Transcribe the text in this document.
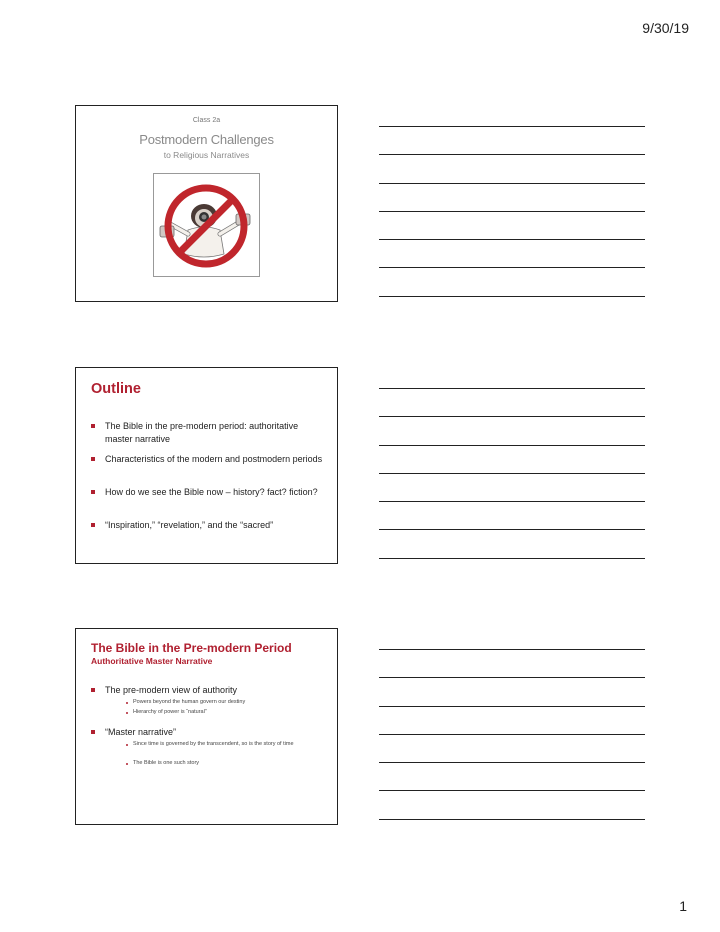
9/30/19
Class 2a
Postmodern Challenges
to Religious Narratives
Outline
The Bible in the pre-modern period: authoritative master narrative
Characteristics of the modern and postmodern periods
How do we see the Bible now – history? fact? fiction?
“Inspiration,” “revelation,” and the “sacred”
The Bible in the Pre-modern Period
Authoritative Master Narrative
The pre-modern view of authority
Powers beyond the human govern our destiny
Hierarchy of power is “natural”
“Master narrative”
Since time is governed by the transcendent, so is the story of time
The Bible is one such story
1
